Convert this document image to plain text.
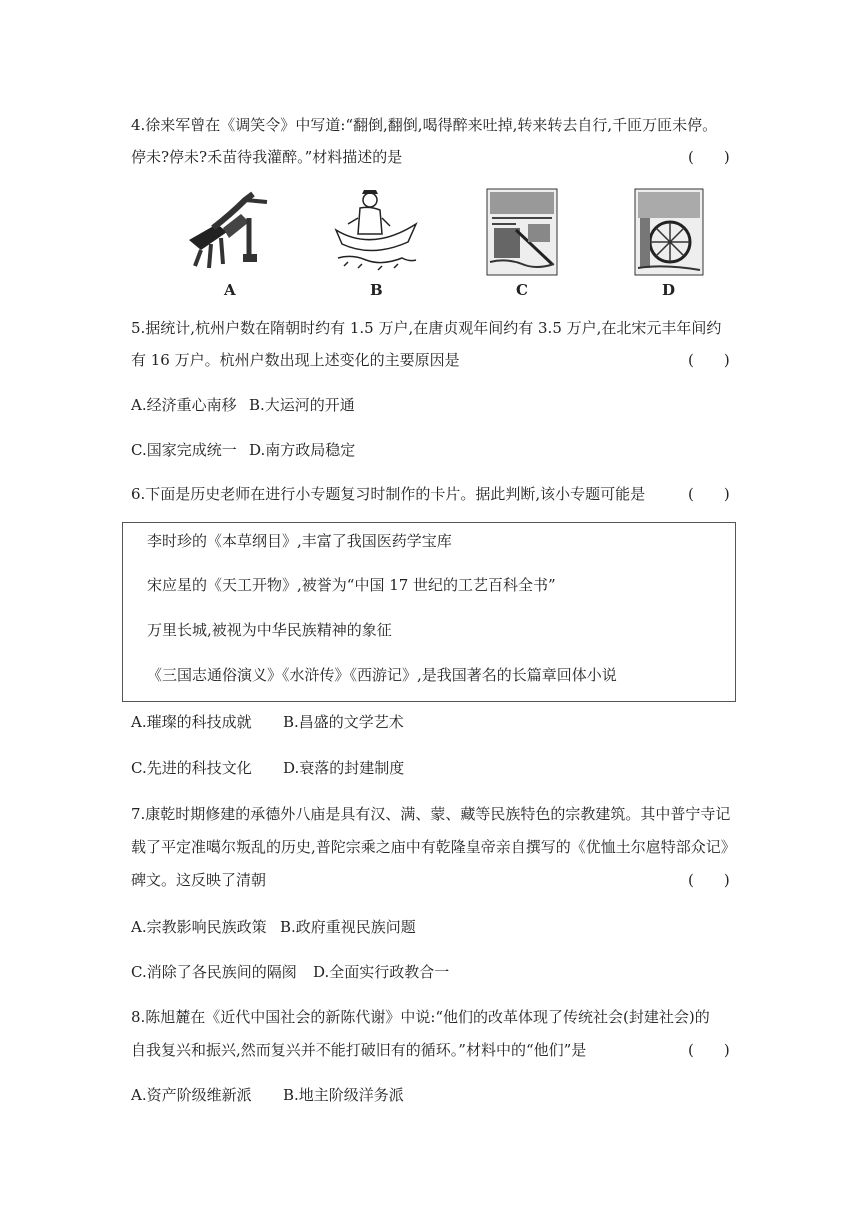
4.徐来军曾在《调笑令》中写道:“翻倒,翻倒,喝得醉来吐掉,转来转去自行,千匝万匝未停。
停未?停未?禾苗待我灌醉。”材料描述的是	(　　)
A	B	C	D
5.据统计,杭州户数在隋朝时约有 1.5 万户,在唐贞观年间约有 3.5 万户,在北宋元丰年间约
有 16 万户。杭州户数出现上述变化的主要原因是	(　　)
A.经济重心南移 B.大运河的开通
C.国家完成统一 D.南方政局稳定
6.下面是历史老师在进行小专题复习时制作的卡片。据此判断,该小专题可能是	(　　)
李时珍的《本草纲目》,丰富了我国医药学宝库
宋应星的《天工开物》,被誉为“中国 17 世纪的工艺百科全书”
万里长城,被视为中华民族精神的象征
《三国志通俗演义》《水浒传》《西游记》,是我国著名的长篇章回体小说
A.璀璨的科技成就 B.昌盛的文学艺术
C.先进的科技文化 D.衰落的封建制度
7.康乾时期修建的承德外八庙是具有汉、满、蒙、藏等民族特色的宗教建筑。其中普宁寺记
载了平定准噶尔叛乱的历史,普陀宗乘之庙中有乾隆皇帝亲自撰写的《优恤土尔扈特部众记》
碑文。这反映了清朝	(　　)
A.宗教影响民族政策 B.政府重视民族问题
C.消除了各民族间的隔阂 D.全面实行政教合一
8.陈旭麓在《近代中国社会的新陈代谢》中说:“他们的改革体现了传统社会(封建社会)的
自我复兴和振兴,然而复兴并不能打破旧有的循环。”材料中的“他们”是	(　　)
A.资产阶级维新派 B.地主阶级洋务派
